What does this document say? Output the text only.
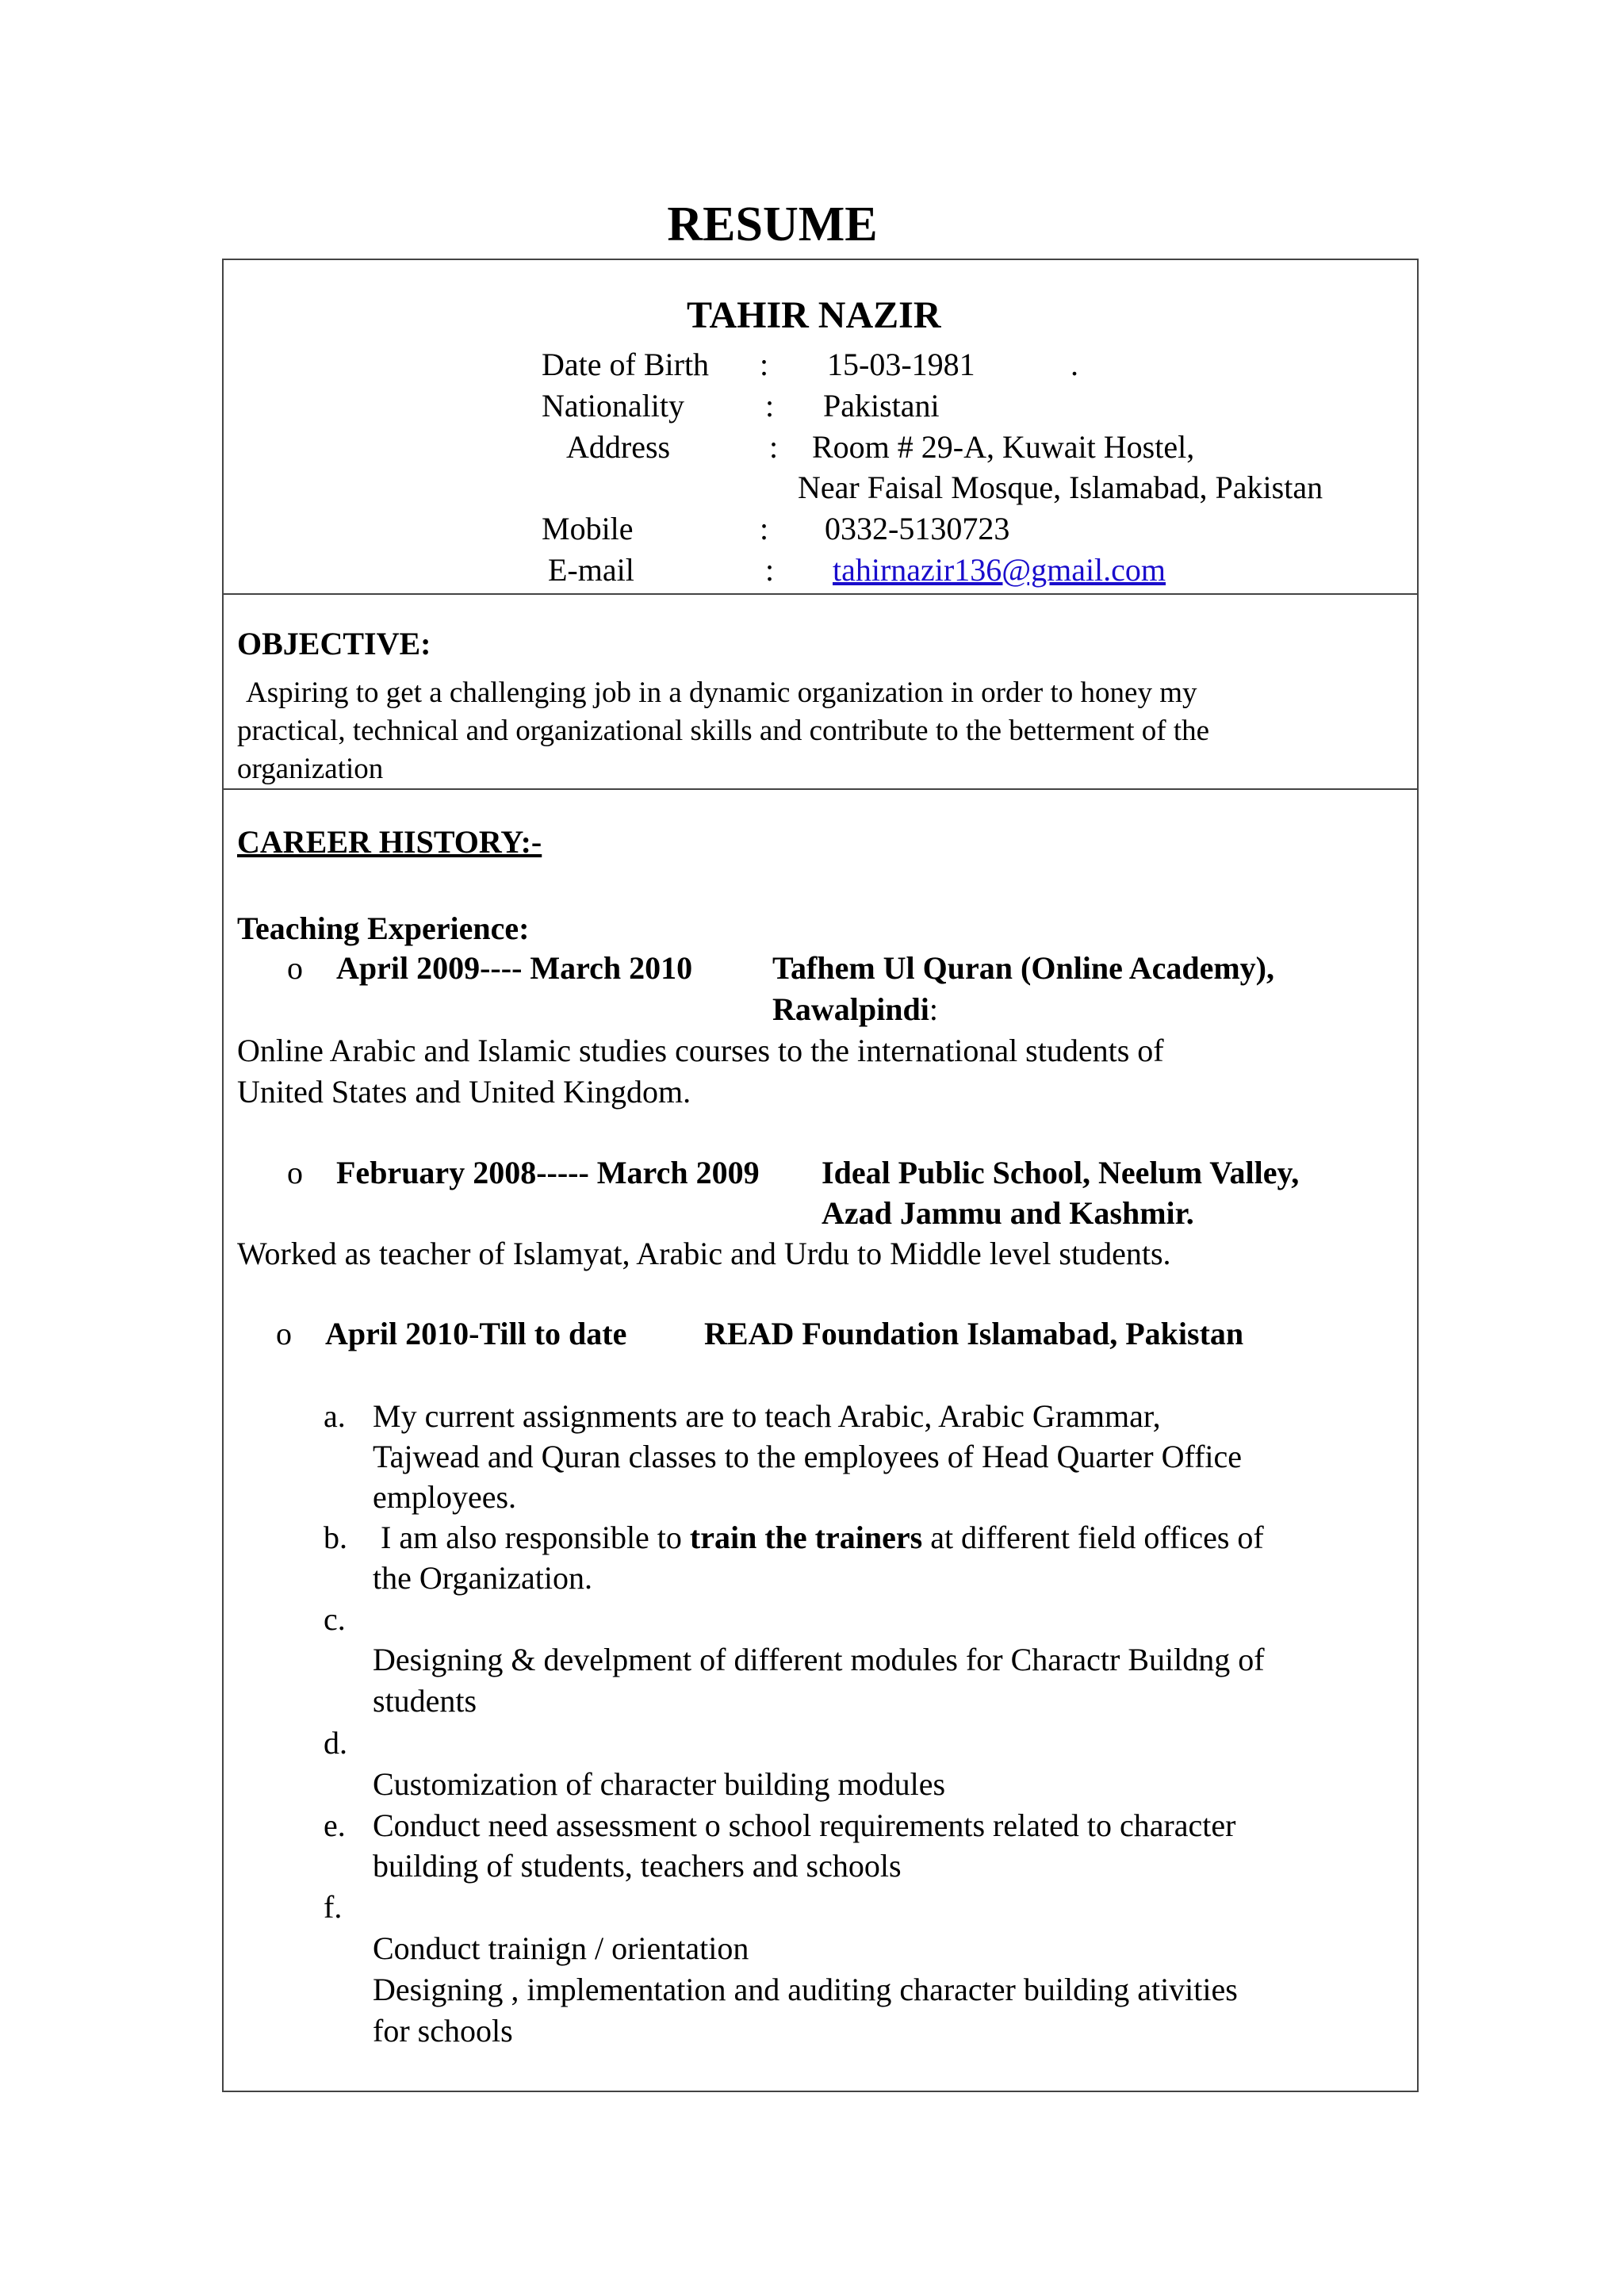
RESUME
TAHIR NAZIR
Date of Birth : 15-03-1981	.
Nationality	: Pakistani
Address	: Room # 29-A, Kuwait Hostel,
Near Faisal Mosque, Islamabad, Pakistan
Mobile	: 0332-5130723
E-mail	: tahirnazir136@gmail.com
OBJECTIVE:
Aspiring to get a challenging job in a dynamic organization in order to honey my
practical, technical and organizational skills and contribute to the betterment of the
organization
CAREER HISTORY:-
Teaching Experience:
o April 2009---- March 2010	Tafhem Ul Quran (Online Academy),
Rawalpindi:
Online Arabic and Islamic studies courses to the international students of
United States and United Kingdom.
o February 2008----- March 2009 Ideal Public School, Neelum Valley,
Azad Jammu and Kashmir.
Worked as teacher of Islamyat, Arabic and Urdu to Middle level students.
o April 2010-Till to date READ Foundation Islamabad, Pakistan
a. My current assignments are to teach Arabic, Arabic Grammar,
Tajwead and Quran classes to the employees of Head Quarter Office
employees.
b. I am also responsible to train the trainers at different field offices of
the Organization.
c.
Designing & develpment of different modules for Charactr Buildng of
students
d.
Customization of character building modules
e. Conduct need assessment o school requirements related to character
building of students, teachers and schools
f.
Conduct trainign / orientation
Designing , implementation and auditing character building ativities
for schools
